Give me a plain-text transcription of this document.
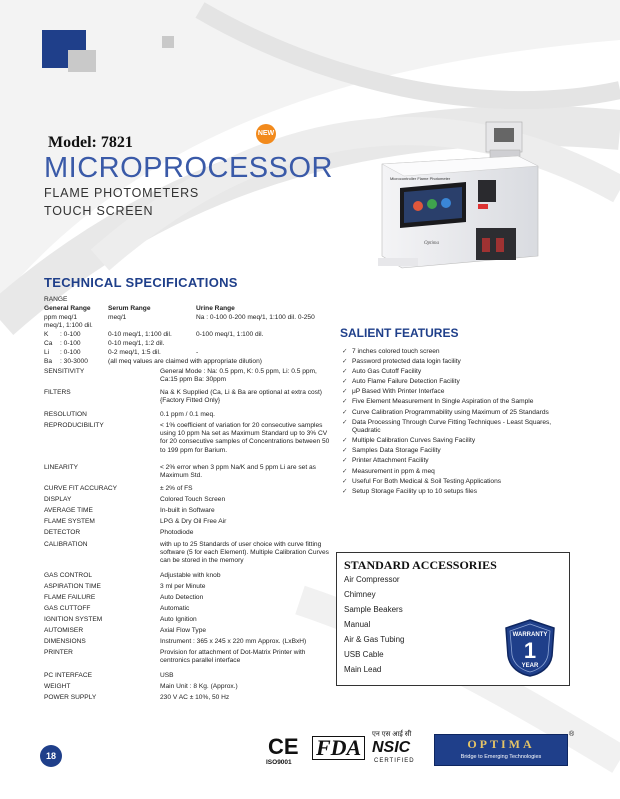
Model: 7821
NEW
MICROPROCESSOR
FLAME PHOTOMETERS
TOUCH SCREEN
Microcontroller Flame Photometer
Optima
TECHNICAL SPECIFICATIONS
RANGE
General Range	Serum Range	Urine Range
ppm meq/1	meq/1	Na : 0-100 0-200 meq/1, 1:100 dil. 0-250
meq/1, 1:100 dil.
K : 0-100	0-10 meq/1, 1:100 dil.	0-100 meq/1, 1:100 dil.
Ca : 0-100	0-10 meq/1, 1:2 dil.
Li : 0-100	0-2 meq/1, 1:5 dil.	-
Ba : 30-3000	(all meq values are claimed with appropriate dilution)
SENSITIVITY	General Mode : Na: 0.5 ppm, K: 0.5 ppm, Li: 0.5 ppm, Ca:15 ppm Ba: 30ppm
FILTERS	Na & K Supplied (Ca, Li & Ba are optional at extra cost) {Factory Fitted Only}
RESOLUTION	0.1 ppm / 0.1 meq.
REPRODUCIBILITY	< 1% coefficient of variation for 20 consecutive samples using 10 ppm Na set as Maximum Standard up to 3% CV for 20 consecutive samples of Concentrations between 50 to 199 ppm for Barium.
LINEARITY	< 2% error when 3 ppm Na/K and 5 ppm Li are set as Maximum Std.
CURVE FIT ACCURACY	± 2% of FS
DISPLAY	Colored Touch Screen
AVERAGE TIME	In-built in Software
FLAME SYSTEM	LPG & Dry Oil Free Air
DETECTOR	Photodiode
CALIBRATION	with up to 25 Standards of user choice with curve fitting software (5 for each Element). Multiple Calibration Curves can be stored in the memory
GAS CONTROL	Adjustable with knob
ASPIRATION TIME	3 ml per Minute
FLAME FAILURE	Auto Detection
GAS CUTTOFF	Automatic
IGNITION SYSTEM	Auto Ignition
AUTOMISER	Axial Flow Type
DIMENSIONS	Instrument : 365 x 245 x 220 mm Approx. (LxBxH)
PRINTER	Provision for attachment of Dot-Matrix Printer with centronics parallel interface
PC INTERFACE	USB
WEIGHT	Main Unit : 8 Kg. (Approx.)
POWER SUPPLY	230 V AC ± 10%, 50 Hz
SALIENT FEATURES
✓ 7 inches colored touch screen
✓ Password protected data login facility
✓ Auto Gas Cutoff Facility
✓ Auto Flame Failure Detection Facility
✓ μP Based With Printer Interface
✓ Five Element Measurement In Single Aspiration of the Sample
✓ Curve Calibration Programmability using Maximum of 25 Standards
✓ Data Processing Through Curve Fitting Techniques - Least Squares, Quadratic
✓ Multiple Calibration Curves Saving Facility
✓ Samples Data Storage Facility
✓ Printer Attachment Facility
✓ Measurement in ppm & meq
✓ Useful For Both Medical & Soil Testing Applications
✓ Setup Storage Facility up to 10 setups files
STANDARD ACCESSORIES
Air Compressor
Chimney
Sample Beakers
Manual
Air & Gas Tubing
USB Cable
Main Lead
WARRANTY
1
YEAR
18	CE
ISO9001
FDA
एन एस आई सी
NSIC
CERTIFIED
OPTIMA
Bridge to Emerging Technologies
®
